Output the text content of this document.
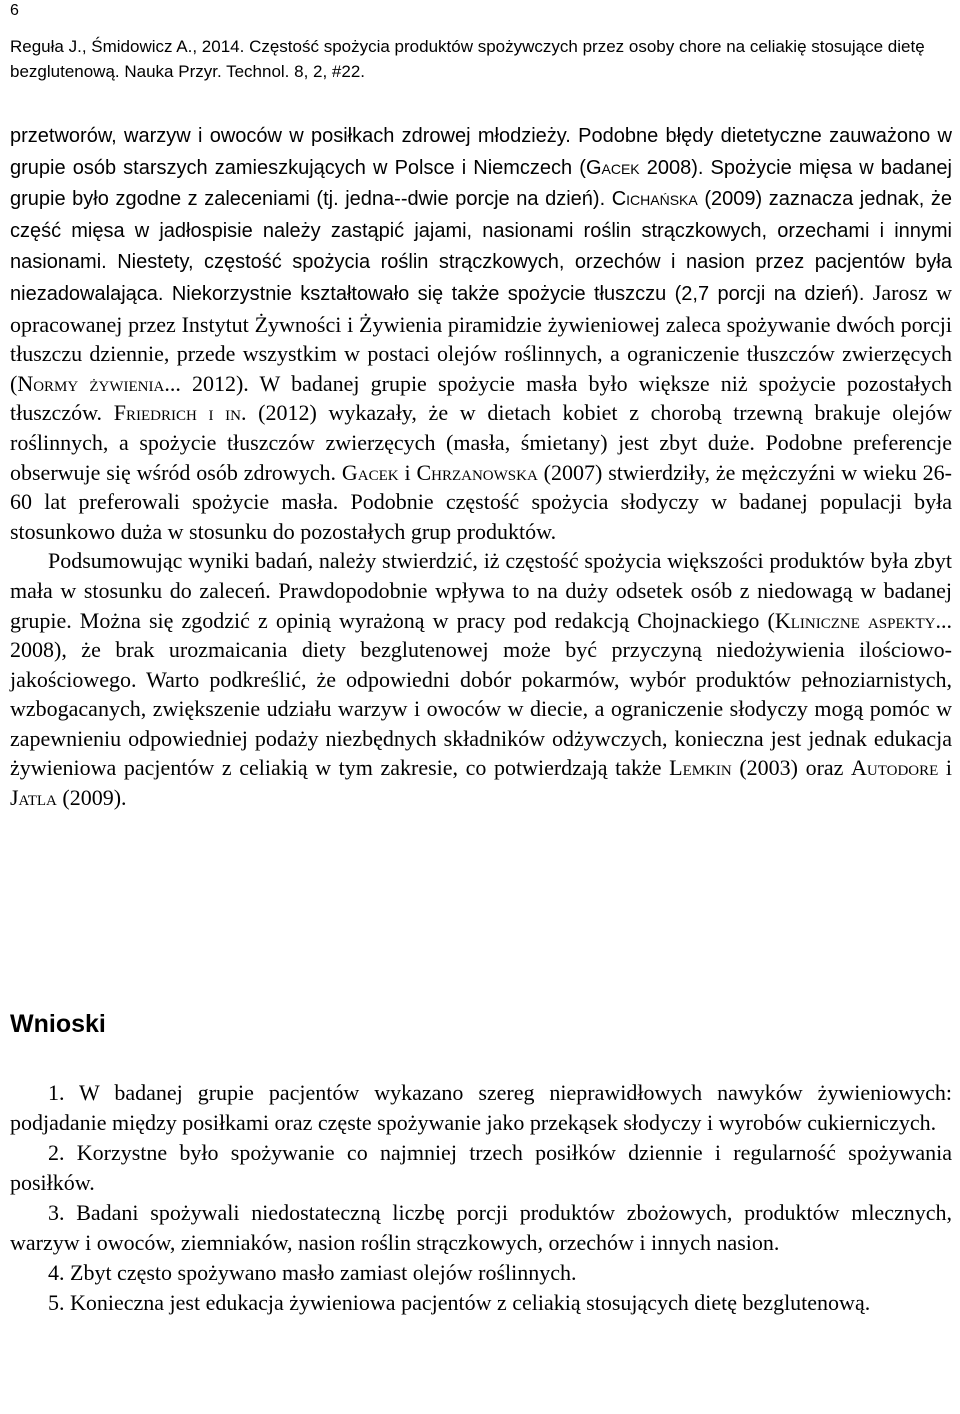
6
Reguła J., Śmidowicz A., 2014. Częstość spożycia produktów spożywczych przez osoby chore na celiakię stosujące dietę bezglutenową. Nauka Przyr. Technol. 8, 2, #22.

przetworów, warzyw i owoców w posiłkach zdrowej młodzieży. Podobne błędy dietetyczne zauważono w grupie osób starszych zamieszkujących w Polsce i Niemczech (Gacek 2008). Spożycie mięsa w badanej grupie było zgodne z zaleceniami (tj. jedna--dwie porcje na dzień). Cichańska (2009) zaznacza jednak, że część mięsa w jadłospisie należy zastąpić jajami, nasionami roślin strączkowych, orzechami i innymi nasionami. Niestety, częstość spożycia roślin strączkowych, orzechów i nasion przez pacjentów była niezadowalająca. Niekorzystnie kształtowało się także spożycie tłuszczu (2,7 porcji na dzień). Jarosz w opracowanej przez Instytut Żywności i Żywienia piramidzie żywieniowej zaleca spożywanie dwóch porcji tłuszczu dziennie, przede wszystkim w postaci olejów roślinnych, a ograniczenie tłuszczów zwierzęcych (Normy żywienia... 2012). W badanej grupie spożycie masła było większe niż spożycie pozostałych tłuszczów. Friedrich i in. (2012) wykazały, że w dietach kobiet z chorobą trzewną brakuje olejów roślinnych, a spożycie tłuszczów zwierzęcych (masła, śmietany) jest zbyt duże. Podobne preferencje obserwuje się wśród osób zdrowych. Gacek i Chrzanowska (2007) stwierdziły, że mężczyźni w wieku 26-60 lat preferowali spożycie masła. Podobnie częstość spożycia słodyczy w badanej populacji była stosunkowo duża w stosunku do pozostałych grup produktów.

Podsumowując wyniki badań, należy stwierdzić, iż częstość spożycia większości produktów była zbyt mała w stosunku do zaleceń. Prawdopodobnie wpływa to na duży odsetek osób z niedowagą w badanej grupie. Można się zgodzić z opinią wyrażoną w pracy pod redakcją Chojnackiego (Kliniczne aspekty... 2008), że brak urozmaicania diety bezglutenowej może być przyczyną niedożywienia ilościowo-jakościowego. Warto podkreślić, że odpowiedni dobór pokarmów, wybór produktów pełnoziarnistych, wzbogacanych, zwiększenie udziału warzyw i owoców w diecie, a ograniczenie słodyczy mogą pomóc w zapewnieniu odpowiedniej podaży niezbędnych składników odżywczych, konieczna jest jednak edukacja żywieniowa pacjentów z celiakią w tym zakresie, co potwierdzają także Lemkin (2003) oraz Autodore i Jatla (2009).

Wnioski

1. W badanej grupie pacjentów wykazano szereg nieprawidłowych nawyków żywieniowych: podjadanie między posiłkami oraz częste spożywanie jako przekąsek słodyczy i wyrobów cukierniczych.

2. Korzystne było spożywanie co najmniej trzech posiłków dziennie i regularność spożywania posiłków.

3. Badani spożywali niedostateczną liczbę porcji produktów zbożowych, produktów mlecznych, warzyw i owoców, ziemniaków, nasion roślin strączkowych, orzechów i innych nasion.

4. Zbyt często spożywano masło zamiast olejów roślinnych.

5. Konieczna jest edukacja żywieniowa pacjentów z celiakią stosujących dietę bezglutenową.
